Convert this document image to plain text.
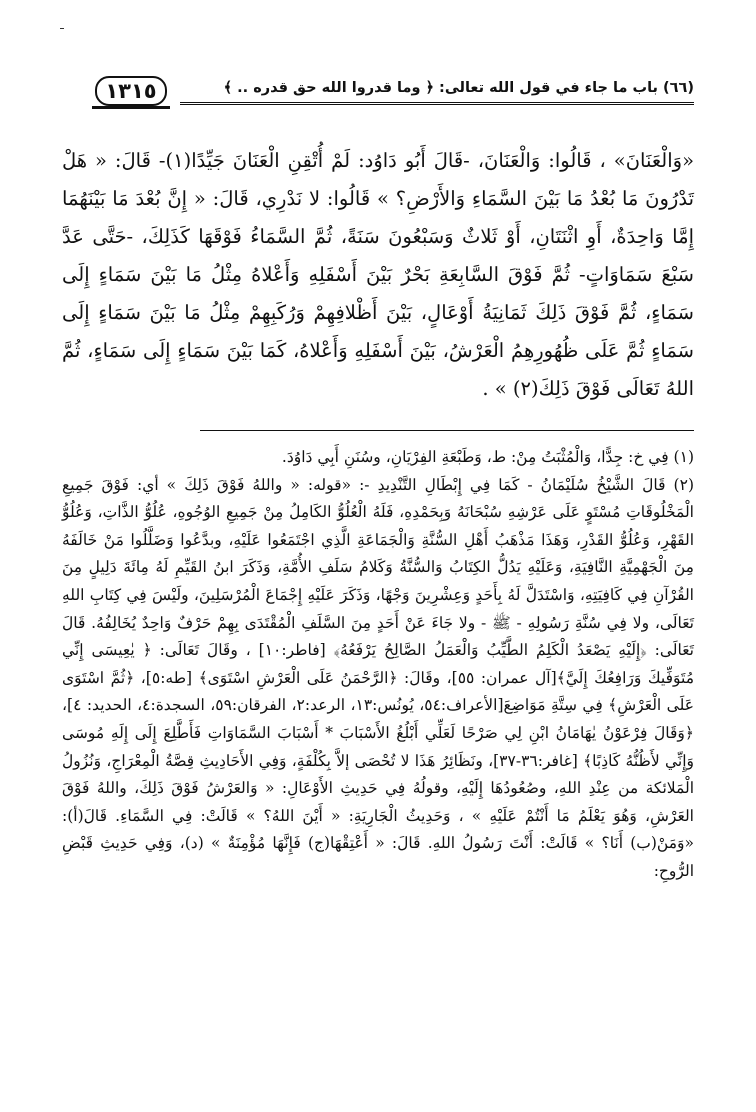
١٣١٥	(٦٦) باب ما جاء في قول الله تعالى: ﴿ وما قدروا الله حق قدره .. ﴾

«وَالْعَنَانَ» ، قَالُوا: وَالْعَنَانَ، -قَالَ أَبُو دَاوُد: لَمْ أُتْقِنِ الْعَنَانَ جَيِّدًا(١)- قَالَ: « هَلْ تَدْرُونَ مَا بُعْدُ مَا بَيْنَ السَّمَاءِ وَالأَرْضِ؟ » قَالُوا: لا نَدْرِي، قَالَ: « إِنَّ بُعْدَ مَا بَيْنَهُمَا إِمَّا وَاحِدَةٌ، أَوِ اثْنَتَانِ، أَوْ ثَلاثٌ وَسَبْعُونَ سَنَةً، ثُمَّ السَّمَاءُ فَوْقَهَا كَذَلِكَ، -حَتَّى عَدَّ سَبْعَ سَمَاوَاتٍ- ثُمَّ فَوْقَ السَّابِعَةِ بَحْرٌ بَيْنَ أَسْفَلِهِ وَأَعْلاهُ مِثْلُ مَا بَيْنَ سَمَاءٍ إِلَى سَمَاءٍ، ثُمَّ فَوْقَ ذَلِكَ ثَمَانِيَةُ أَوْعَالٍ، بَيْنَ أَظْلافِهِمْ وَرُكَبِهِمْ مِثْلُ مَا بَيْنَ سَمَاءٍ إِلَى سَمَاءٍ ثُمَّ عَلَى ظُهُورِهِمُ الْعَرْشُ، بَيْنَ أَسْفَلِهِ وَأَعْلاهُ، كَمَا بَيْنَ سَمَاءٍ إِلَى سَمَاءٍ، ثُمَّ اللهُ تَعَالَى فَوْقَ ذَلِكَ(٢) » .

(١) فِي خ: جِدًّا، وَالْمُثْبَتُ مِنْ: ط، وَطَبْعَةِ الفِرْيَانِ، وسُنَنِ أَبِي دَاوُدَ.

(٢) قَالَ الشَّيْخُ سُلَيْمَانُ - كَمَا فِي إِبْطَالِ التَّنْدِيدِ -: «قوله: « واللهُ فَوْقَ ذَلِكَ » أي: فَوْقَ جَمِيعِ الْمَخْلُوقَاتِ مُسْتَوٍ عَلَى عَرْشِهِ سُبْحَانَهُ وَبِحَمْدِهِ، فَلَهُ الْعُلُوُّ الكَامِلُ مِنْ جَمِيعِ الوُجُوهِ، عُلُوُّ الذَّاتِ، وَعُلُوُّ القَهْرِ، وَعُلُوُّ القَدْرِ، وَهَذَا مَذْهَبُ أَهْلِ السُّنَّةِ وَالْجَمَاعَةِ الَّذِي اجْتَمَعُوا عَلَيْهِ، وبدَّعُوا وَضَلَّلُوا مَنْ خَالَفَهُ مِنَ الْجَهْمِيَّةِ النَّافِيَةِ، وَعَلَيْهِ يَدُلُّ الكِتَابُ وَالسُّنَّةُ وَكَلامُ سَلَفِ الأُمَّةِ، وَذَكَرَ ابنُ القَيِّمِ لَهُ مِائَةَ دَلِيلٍ مِنَ القُرْآنِ فِي كَافِيَتِهِ، وَاسْتَدَلَّ لَهُ بِأَحَدٍ وَعِشْرِينَ وَجْهًا، وَذَكَرَ عَلَيْهِ إِجْمَاعَ الْمُرْسَلِينَ، ولَيْسَ فِي كِتَابِ اللهِ تَعَالَى، ولا فِي سُنَّةِ رَسُولِهِ - ﷺ - ولا جَاءَ عَنْ أَحَدٍ مِنَ السَّلَفِ الْمُقْتَدَى بِهِمْ حَرْفٌ وَاحِدٌ يُخَالِفُهُ. قَالَ تَعَالَى: ﴿إِلَيْهِ يَصْعَدُ الْكَلِمُ الطَّيِّبُ وَالْعَمَلُ الصَّالِحُ يَرْفَعُهُ﴾ [فاطر:١٠] ، وقَالَ تَعَالَى: ﴿ يٰعِيسَى إِنِّي مُتَوَفِّيكَ وَرَافِعُكَ إِلَيَّ﴾[آل عمران: ٥٥]، وقَالَ: ﴿الرَّحْمَنُ عَلَى الْعَرْشِ اسْتَوَى﴾ [طه:٥]، ﴿ثُمَّ اسْتَوَى عَلَى الْعَرْشِ﴾ فِي سِتَّةِ مَوَاضِعَ[الأعراف:٥٤، يُونُس:١٣، الرعد:٢، الفرقان:٥٩، السجدة:٤، الحديد: ٤]، ﴿وَقَالَ فِرْعَوْنُ يٰهَامَانُ ابْنِ لِي صَرْحًا لَعَلِّي أَبْلُغُ الأَسْبَابَ * أَسْبَابَ السَّمَاوَاتِ فَأَطَّلِعَ إِلَى إِلَهِ مُوسَى وَإِنِّي لأَظُنُّهُ كَاذِبًا﴾ [غافر:٣٦-٣٧]، ونَظَائِرُ هَذَا لا تُحْصَى إلاَّ بِكُلْفَةٍ، وَفِي الأَحَادِيثِ قِصَّةُ الْمِعْرَاجِ، وَنُزُولُ الْمَلائكة من عِنْدِ اللهِ، وصُعُودُهَا إِلَيْهِ، وقولُهُ فِي حَدِيثِ الأَوْعَالِ: « وَالعَرْشُ فَوْقَ ذَلِكَ، واللهُ فَوْقَ العَرْشِ، وَهُوَ يَعْلَمُ مَا أَنْتُمْ عَلَيْهِ » ، وَحَدِيثُ الْجَارِيَةِ: « أَيْنَ اللهُ؟ » قَالَتْ: فِي السَّمَاءِ. قَالَ(أ): «وَمَنْ(ب) أَنَا؟ » قَالَتْ: أَنْتَ رَسُولُ اللهِ. قَالَ: « أَعْتِقْهَا(ج) فَإِنَّهَا مُؤْمِنَةٌ » (د)، وَفِي حَدِيثِ قَبْضِ الرُّوحِ:
